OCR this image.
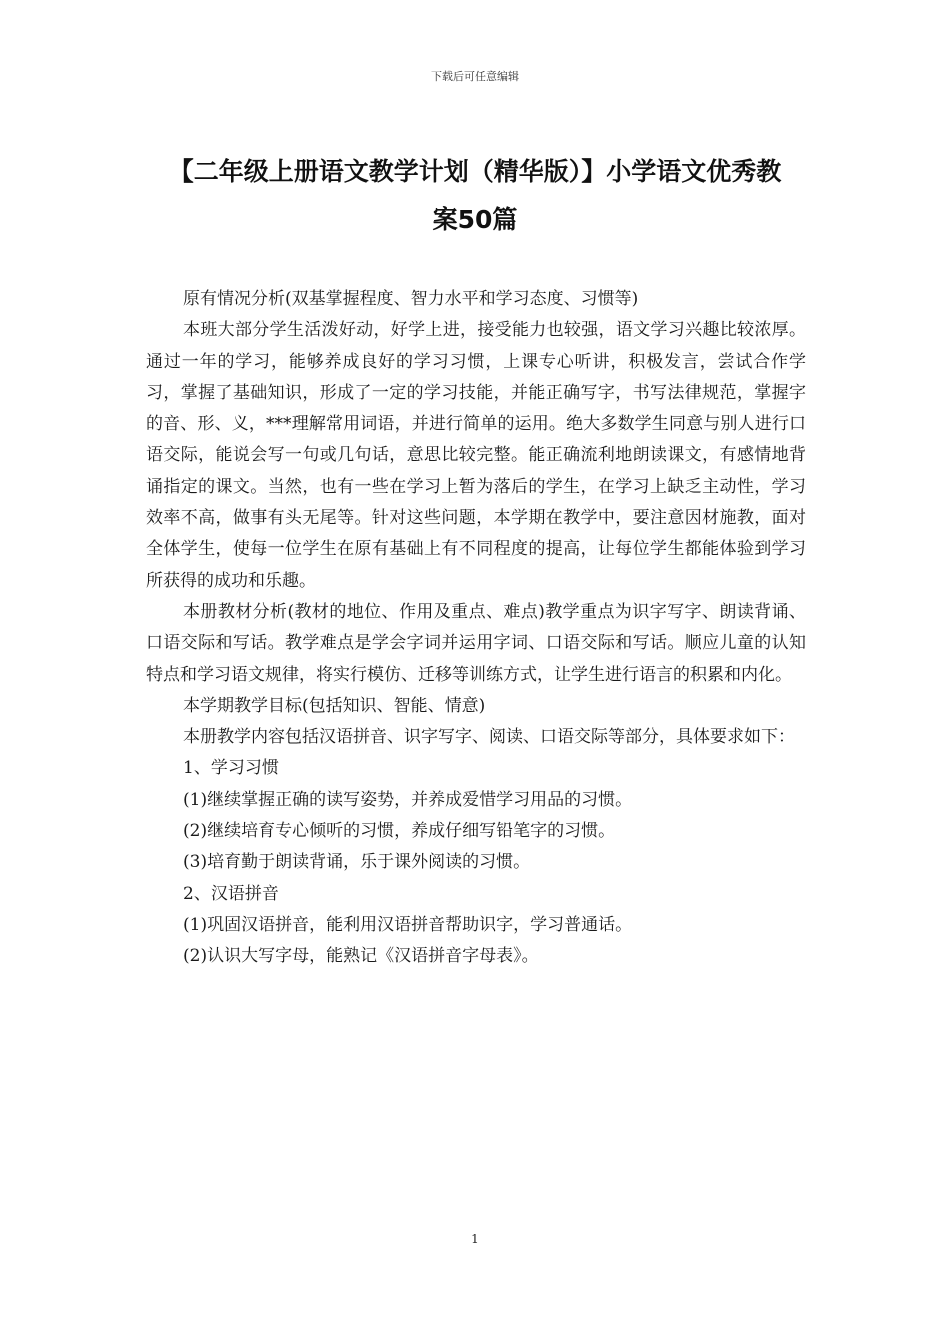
下载后可任意编辑
【二年级上册语文教学计划（精华版）】小学语文优秀教
案50篇

原有情况分析(双基掌握程度、智力水平和学习态度、习惯等)

本班大部分学生活泼好动，好学上进，接受能力也较强，语文学习兴趣比较浓厚。通过一年的学习，能够养成良好的学习习惯，上课专心听讲，积极发言，尝试合作学习，掌握了基础知识，形成了一定的学习技能，并能正确写字，书写法律规范，掌握字的音、形、义，***理解常用词语，并进行简单的运用。绝大多数学生同意与别人进行口语交际，能说会写一句或几句话，意思比较完整。能正确流利地朗读课文，有感情地背诵指定的课文。当然，也有一些在学习上暂为落后的学生，在学习上缺乏主动性，学习效率不高，做事有头无尾等。针对这些问题，本学期在教学中，要注意因材施教，面对全体学生，使每一位学生在原有基础上有不同程度的提高，让每位学生都能体验到学习所获得的成功和乐趣。

本册教材分析(教材的地位、作用及重点、难点)教学重点为识字写字、朗读背诵、口语交际和写话。教学难点是学会字词并运用字词、口语交际和写话。顺应儿童的认知特点和学习语文规律，将实行模仿、迁移等训练方式，让学生进行语言的积累和内化。

本学期教学目标(包括知识、智能、情意)

本册教学内容包括汉语拼音、识字写字、阅读、口语交际等部分，具体要求如下：

1、学习习惯

(1)继续掌握正确的读写姿势，并养成爱惜学习用品的习惯。

(2)继续培育专心倾听的习惯，养成仔细写铅笔字的习惯。

(3)培育勤于朗读背诵，乐于课外阅读的习惯。

2、汉语拼音

(1)巩固汉语拼音，能利用汉语拼音帮助识字，学习普通话。

(2)认识大写字母，能熟记《汉语拼音字母表》。

1
